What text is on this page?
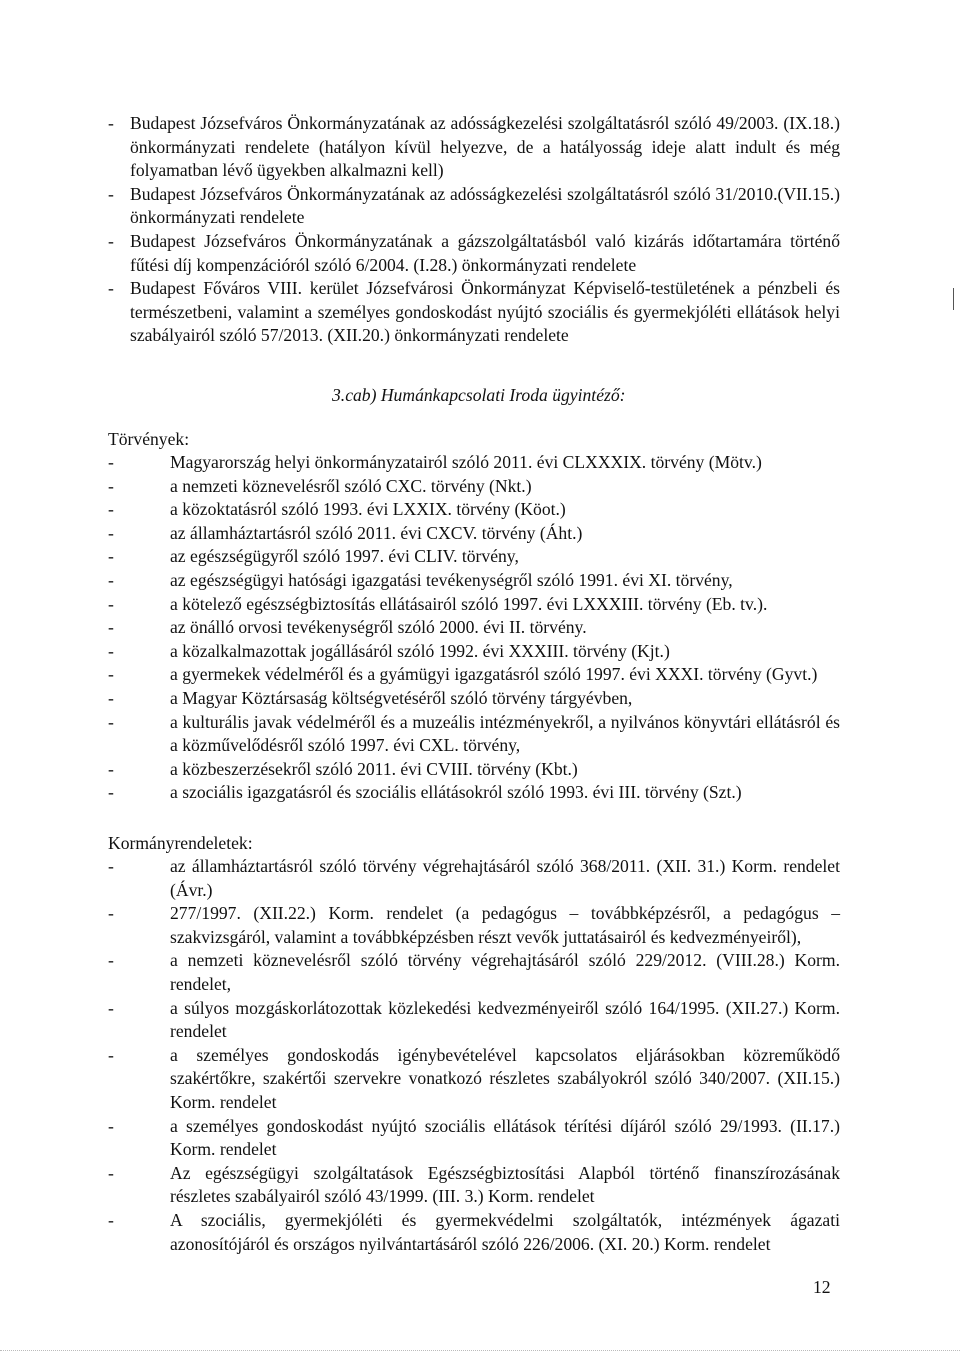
- Budapest Józsefváros Önkormányzatának az adósságkezelési szolgáltatásról szóló 49/2003. (IX.18.) önkormányzati rendelete (hatályon kívül helyezve, de a hatályosság ideje alatt indult és még folyamatban lévő ügyekben alkalmazni kell)
- Budapest Józsefváros Önkormányzatának az adósságkezelési szolgáltatásról szóló 31/2010.(VII.15.) önkormányzati rendelete
- Budapest Józsefváros Önkormányzatának a gázszolgáltatásból való kizárás időtartamára történő fűtési díj kompenzációról szóló 6/2004. (I.28.) önkormányzati rendelete
- Budapest Főváros VIII. kerület Józsefvárosi Önkormányzat Képviselő-testületének a pénzbeli és természetbeni, valamint a személyes gondoskodást nyújtó szociális és gyermekjóléti ellátások helyi szabályairól szóló 57/2013. (XII.20.) önkormányzati rendelete
3.cab) Humánkapcsolati Iroda ügyintéző:
Törvények:
-	Magyarország helyi önkormányzatairól szóló 2011. évi CLXXXIX. törvény (Mötv.)
-	a nemzeti köznevelésről szóló CXC. törvény (Nkt.)
-	a közoktatásról szóló 1993. évi LXXIX. törvény (Köot.)
-	az államháztartásról szóló 2011. évi CXCV. törvény (Áht.)
-	az egészségügyről szóló 1997. évi CLIV. törvény,
-	az egészségügyi hatósági igazgatási tevékenységről szóló 1991. évi XI. törvény,
-	a kötelező egészségbiztosítás ellátásairól szóló 1997. évi LXXXIII. törvény (Eb. tv.).
-	az önálló orvosi tevékenységről szóló 2000. évi II. törvény.
-	a közalkalmazottak jogállásáról szóló 1992. évi XXXIII. törvény (Kjt.)
-	a gyermekek védelméről és a gyámügyi igazgatásról szóló 1997. évi XXXI. törvény (Gyvt.)
-	a Magyar Köztársaság költségvetéséről szóló törvény tárgyévben,
-	a kulturális javak védelméről és a muzeális intézményekről, a nyilvános könyvtári ellátásról és a közművelődésről szóló 1997. évi CXL. törvény,
-	a közbeszerzésekről szóló 2011. évi CVIII. törvény (Kbt.)
-	a szociális igazgatásról és szociális ellátásokról szóló 1993. évi III. törvény (Szt.)
Kormányrendeletek:
-	az államháztartásról szóló törvény végrehajtásáról szóló 368/2011. (XII. 31.) Korm. rendelet (Ávr.)
-	277/1997. (XII.22.) Korm. rendelet (a pedagógus – továbbképzésről, a pedagógus – szakvizsgáról, valamint a továbbképzésben részt vevők juttatásairól és kedvezményeiről),
-	a nemzeti köznevelésről szóló törvény végrehajtásáról szóló 229/2012. (VIII.28.) Korm. rendelet,
-	a súlyos mozgáskorlátozottak közlekedési kedvezményeiről szóló 164/1995. (XII.27.) Korm. rendelet
-	a személyes gondoskodás igénybevételével kapcsolatos eljárásokban közreműködő szakértőkre, szakértői szervekre vonatkozó részletes szabályokról szóló 340/2007. (XII.15.) Korm. rendelet
-	a személyes gondoskodást nyújtó szociális ellátások térítési díjáról szóló 29/1993. (II.17.) Korm. rendelet
-	Az egészségügyi szolgáltatások Egészségbiztosítási Alapból történő finanszírozásának részletes szabályairól szóló 43/1999. (III. 3.) Korm. rendelet
-	A szociális, gyermekjóléti és gyermekvédelmi szolgáltatók, intézmények ágazati azonosítójáról és országos nyilvántartásáról szóló 226/2006. (XI. 20.) Korm. rendelet
12
